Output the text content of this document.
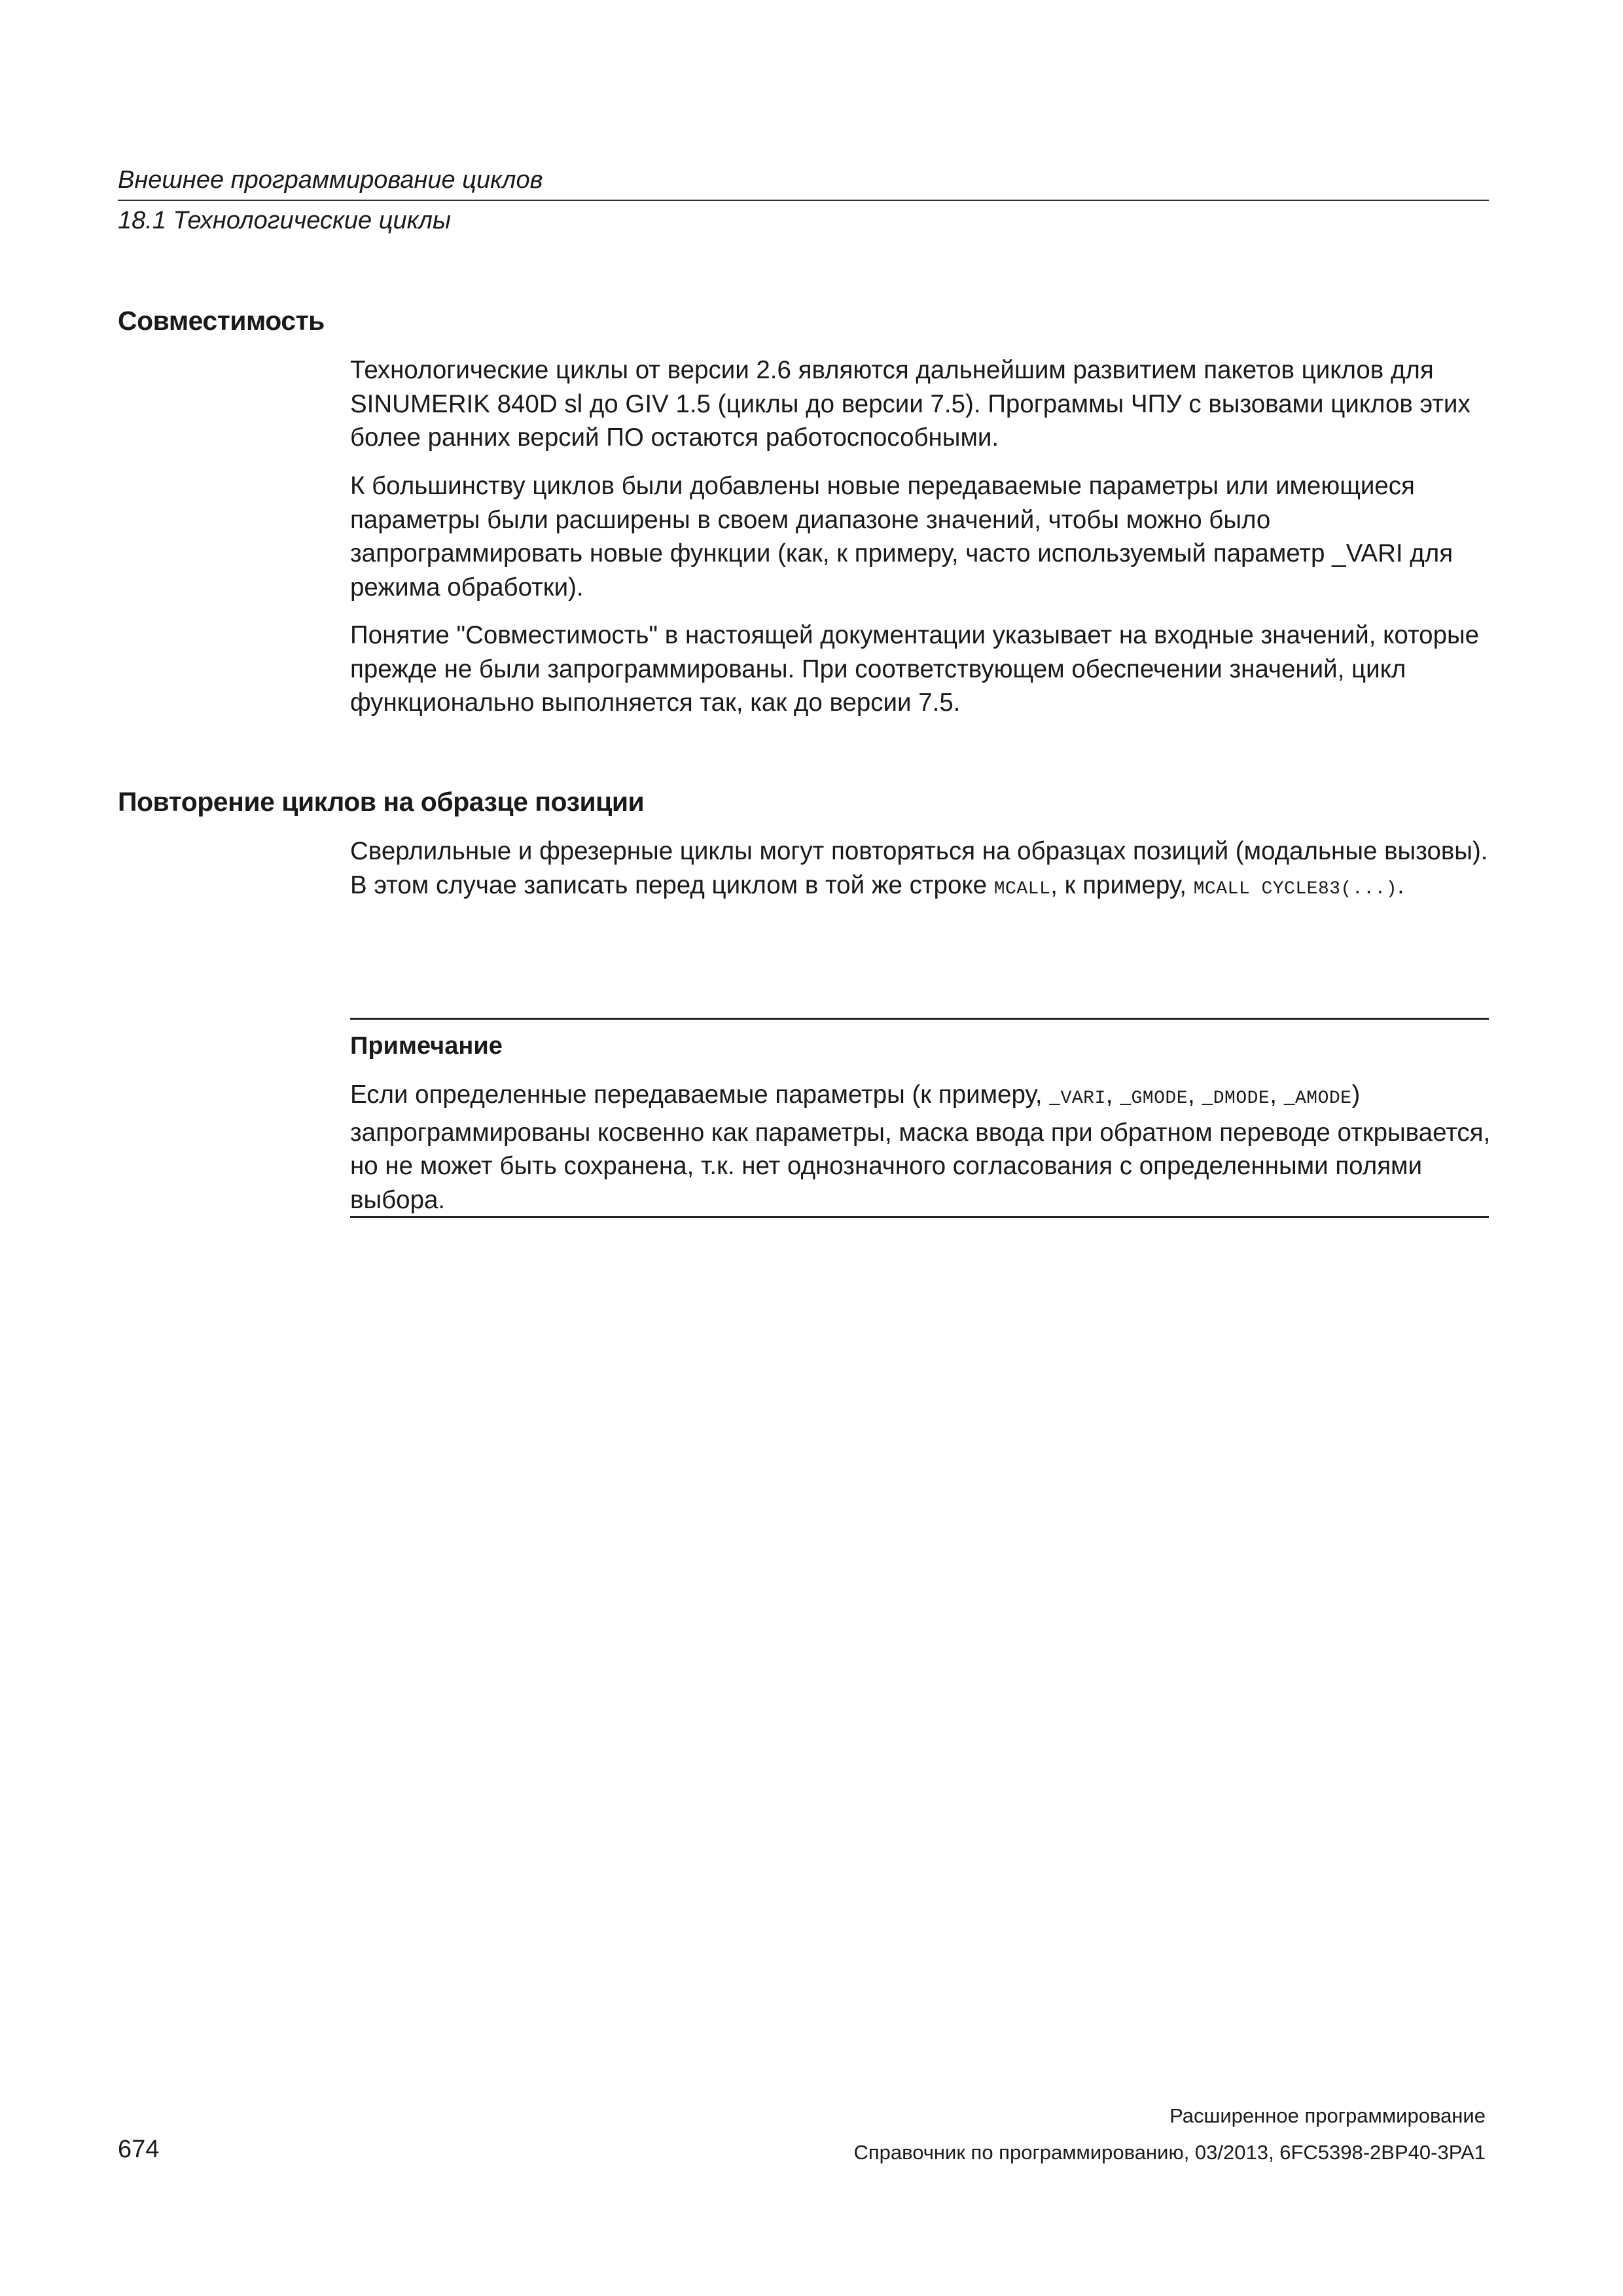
Внешнее программирование циклов
18.1 Технологические циклы
Совместимость

Технологические циклы от версии 2.6 являются дальнейшим развитием пакетов циклов для SINUMERIK 840D sl до GIV 1.5 (циклы до версии 7.5). Программы ЧПУ с вызовами циклов этих более ранних версий ПО остаются работоспособными.

К большинству циклов были добавлены новые передаваемые параметры или имеющиеся параметры были расширены в своем диапазоне значений, чтобы можно было запрограммировать новые функции (как, к примеру, часто используемый параметр _VARI для режима обработки).

Понятие "Совместимость" в настоящей документации указывает на входные значений, которые прежде не были запрограммированы. При соответствующем обеспечении значений, цикл функционально выполняется так, как до версии 7.5.

Повторение циклов на образце позиции

Сверлильные и фрезерные циклы могут повторяться на образцах позиций (модальные вызовы). В этом случае записать перед циклом в той же строке MCALL, к примеру, MCALL CYCLE83(...).

Примечание

Если определенные передаваемые параметры (к примеру, _VARI, _GMODE, _DMODE, _AMODE) запрограммированы косвенно как параметры, маска ввода при обратном переводе открывается, но не может быть сохранена, т.к. нет однозначного согласования с определенными полями выбора.

Расширенное программирование
674	Справочник по программированию, 03/2013, 6FC5398-2BP40-3PA1
